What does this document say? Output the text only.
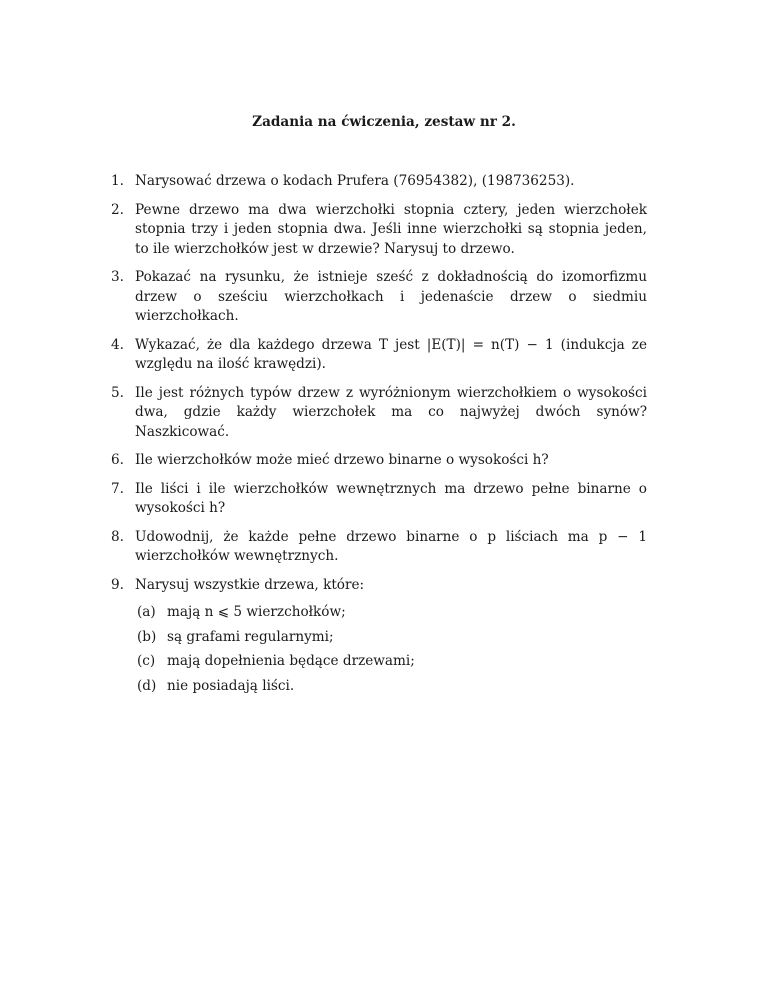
Zadania na ćwiczenia, zestaw nr 2.
1. Narysować drzewa o kodach Prufera (76954382), (198736253).
2. Pewne drzewo ma dwa wierzchołki stopnia cztery, jeden wierzchołek stopnia trzy i jeden stopnia dwa. Jeśli inne wierzchołki są stopnia jeden, to ile wierzchołków jest w drzewie? Narysuj to drzewo.
3. Pokazać na rysunku, że istnieje sześć z dokładnością do izomorfizmu drzew o sześciu wierzchołkach i jedenaście drzew o siedmiu wierzchołkach.
4. Wykazać, że dla każdego drzewa T jest |E(T)| = n(T) − 1 (indukcja ze względu na ilość krawędzi).
5. Ile jest różnych typów drzew z wyróżnionym wierzchołkiem o wysokości dwa, gdzie każdy wierzchołek ma co najwyżej dwóch synów? Naszkicować.
6. Ile wierzchołków może mieć drzewo binarne o wysokości h?
7. Ile liści i ile wierzchołków wewnętrznych ma drzewo pełne binarne o wysokości h?
8. Udowodnij, że każde pełne drzewo binarne o p liściach ma p − 1 wierzchołków wewnętrznych.
9. Narysuj wszystkie drzewa, które:
(a) mają n ⩽ 5 wierzchołków;
(b) są grafami regularnymi;
(c) mają dopełnienia będące drzewami;
(d) nie posiadają liści.
